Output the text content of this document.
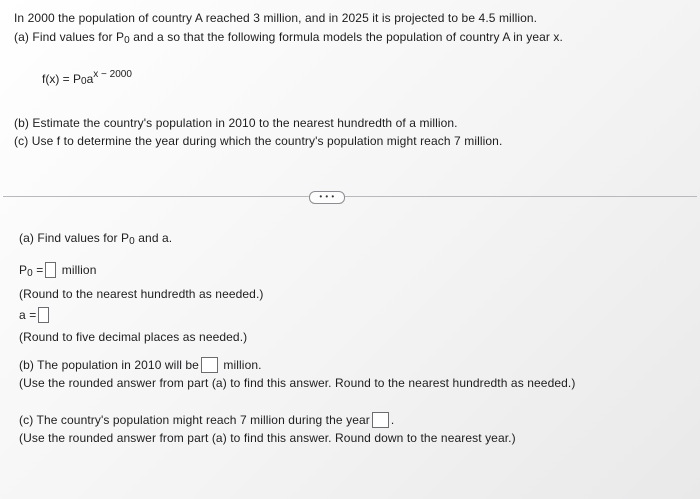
In 2000 the population of country A reached 3 million, and in 2025 it is projected to be 4.5 million.
(a) Find values for $P_0$ and a so that the following formula models the population of country A in year x.
$f(x) = P_0a^{x - 2000}$
(b) Estimate the country's population in 2010 to the nearest hundredth of a million.
(c) Use f to determine the year during which the country's population might reach 7 million.
• • •
(a) Find values for $P_0$ and a.
$P_0$ = million
(Round to the nearest hundredth as needed.)
a =
(Round to five decimal places as needed.)
(b) The population in 2010 will be million.
(Use the rounded answer from part (a) to find this answer. Round to the nearest hundredth as needed.)
(c) The country's population might reach 7 million during the year .
(Use the rounded answer from part (a) to find this answer. Round down to the nearest year.)
